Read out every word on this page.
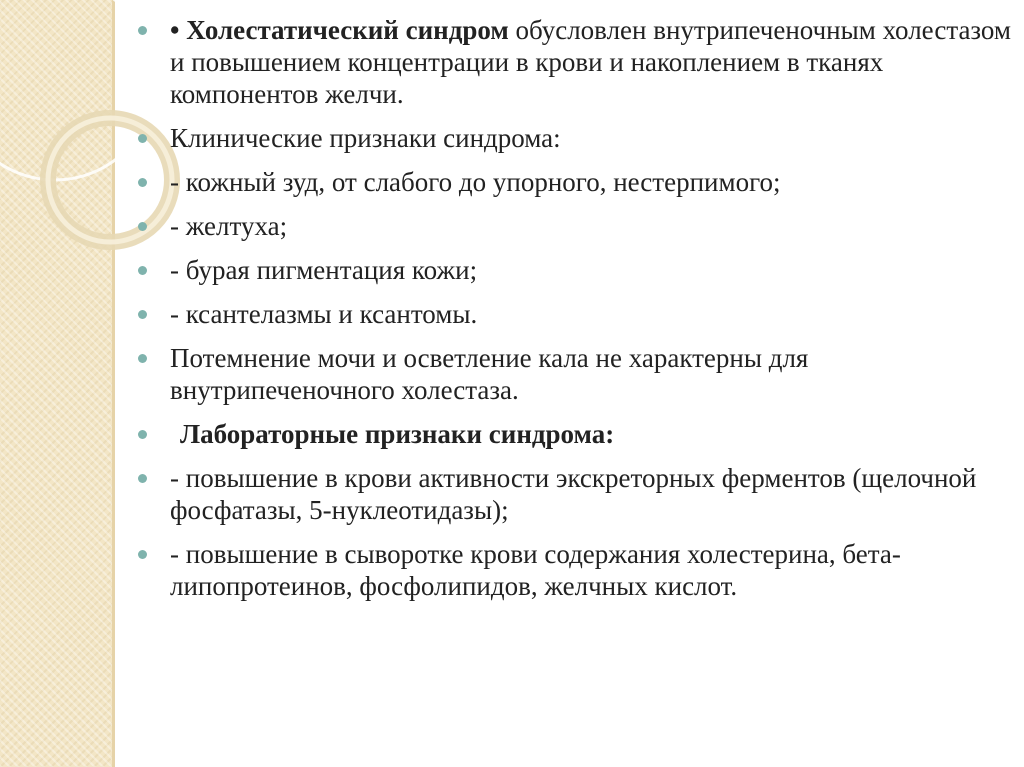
• Холестатический синдром обусловлен внутрипеченочным холестазом и повышением концентрации в крови и накоплением в тканях компонентов желчи.
Клинические признаки синдрома:
- кожный зуд, от слабого до упорного, нестерпимого;
- желтуха;
- бурая пигментация кожи;
- ксантелазмы и ксантомы.
Потемнение мочи и осветление кала не характерны для внутрипеченочного холестаза.
Лабораторные признаки синдрома:
- повышение в крови активности экскреторных ферментов (щелочной фосфатазы, 5-нуклеотидазы);
- повышение в сыворотке крови содержания холестерина, бета-липопротеинов, фосфолипидов, желчных кислот.
